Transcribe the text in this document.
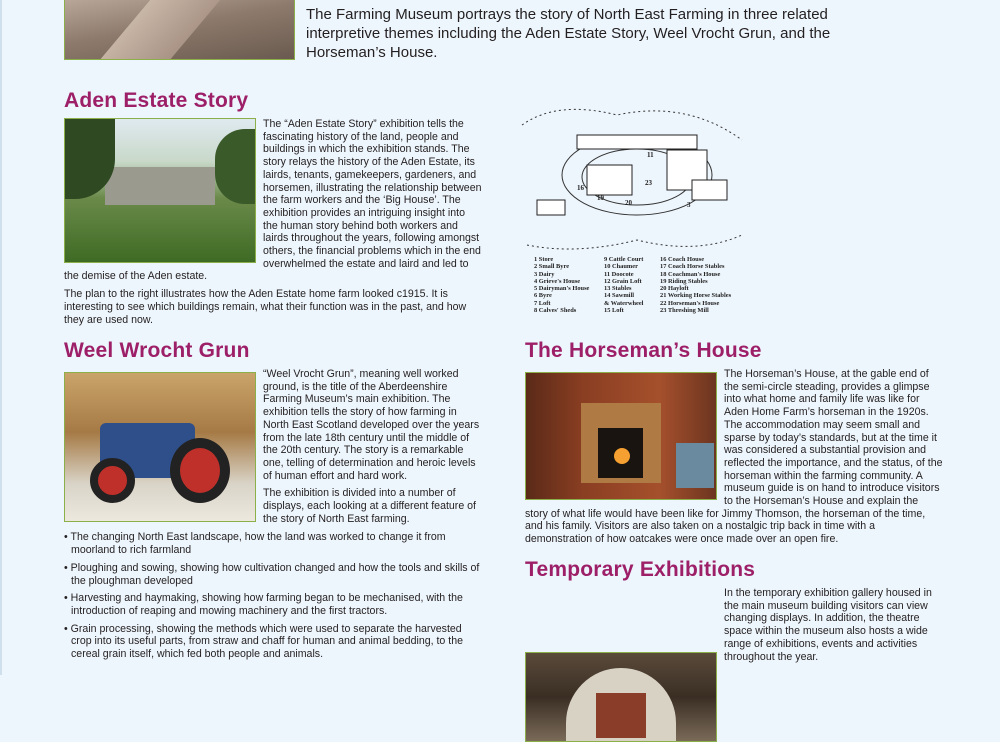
The Farming Museum portrays the story of North East Farming in three related interpretive themes including the Aden Estate Story, Weel Vrocht Grun, and the Horseman’s House.
Aden Estate Story

The “Aden Estate Story” exhibition tells the fascinating history of the land, people and buildings in which the exhibition stands. The story relays the history of the Aden Estate, its lairds, tenants, gamekeepers, gardeners, and horsemen, illustrating the relationship between the farm workers and the ‘Big House’. The exhibition provides an intriguing insight into the human story behind both workers and lairds throughout the years, following amongst others, the financial problems which in the end overwhelmed the estate and laird and led to the demise of the Aden estate.

The plan to the right illustrates how the Aden Estate home farm looked c1915. It is interesting to see which buildings remain, what their function was in the past, and how they are used now.

16
19
20
23
3
11
1 Store
2 Small Byre
3 Dairy
4 Grieve's House
5 Dairyman's House
6 Byre
7 Loft
8 Calves' Sheds
9 Cattle Court
10 Chaumer
11 Doocote
12 Grain Loft
13 Stables
14 Sawmill
& Waterwheel
15 Loft
16 Coach House
17 Coach Horse Stables
18 Coachman's House
19 Riding Stables
20 Hayloft
21 Working Horse Stables
22 Horseman's House
23 Threshing Mill
Weel Wrocht Grun

“Weel Vrocht Grun”, meaning well worked ground, is the title of the Aberdeenshire Farming Museum’s main exhibition. The exhibition tells the story of how farming in North East Scotland developed over the years from the late 18th century until the middle of the 20th century. The story is a remarkable one, telling of determination and heroic levels of human effort and hard work.

The exhibition is divided into a number of displays, each looking at a different feature of the story of North East farming.

• The changing North East landscape, how the land was worked to change it from moorland to rich farmland
• Ploughing and sowing, showing how cultivation changed and how the tools and skills of the ploughman developed
• Harvesting and haymaking, showing how farming began to be mechanised, with the introduction of reaping and mowing machinery and the first tractors.
• Grain processing, showing the methods which were used to separate the harvested crop into its useful parts, from straw and chaff for human and animal bedding, to the cereal grain itself, which fed both people and animals.
The Horseman’s House

The Horseman’s House, at the gable end of the semi-circle steading, provides a glimpse into what home and family life was like for Aden Home Farm’s horseman in the 1920s. The accommodation may seem small and sparse by today’s standards, but at the time it was considered a substantial provision and reflected the importance, and the status, of the horseman within the farming community. A museum guide is on hand to introduce visitors to the Horseman’s House and explain the story of what life would have been like for Jimmy Thomson, the horseman of the time, and his family. Visitors are also taken on a nostalgic trip back in time with a demonstration of how oatcakes were once made over an open fire.

Temporary Exhibitions
In the temporary exhibition gallery housed in the main museum building visitors can view changing displays. In addition, the theatre space within the museum also hosts a wide range of exhibitions, events and activities throughout the year.
